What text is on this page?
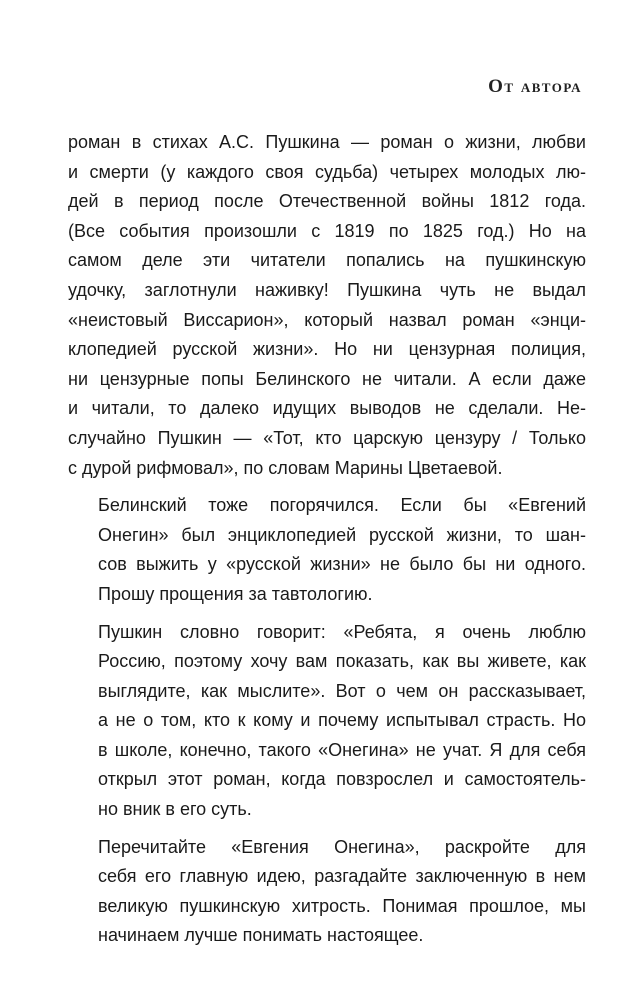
От автора

роман в стихах А.С. Пушкина — роман о жизни, любви
и смерти (у каждого своя судьба) четырех молодых лю-
дей в период после Отечественной войны 1812 года.
(Все события произошли с 1819 по 1825 год.) Но на
самом деле эти читатели попались на пушкинскую
удочку, заглотнули наживку! Пушкина чуть не выдал
«неистовый Виссарион», который назвал роман «энци-
клопедией русской жизни». Но ни цензурная полиция,
ни цензурные попы Белинского не читали. А если даже
и читали, то далеко идущих выводов не сделали. Не-
случайно Пушкин — «Тот, кто царскую цензуру / Только
с дурой рифмовал», по словам Марины Цветаевой.

Белинский тоже погорячился. Если бы «Евгений
Онегин» был энциклопедией русской жизни, то шан-
сов выжить у «русской жизни» не было бы ни одного.
Прошу прощения за тавтологию.

Пушкин словно говорит: «Ребята, я очень люблю
Россию, поэтому хочу вам показать, как вы живете, как
выглядите, как мыслите». Вот о чем он рассказывает,
а не о том, кто к кому и почему испытывал страсть. Но
в школе, конечно, такого «Онегина» не учат. Я для себя
открыл этот роман, когда повзрослел и самостоятель-
но вник в его суть.

Перечитайте «Евгения Онегина», раскройте для
себя его главную идею, разгадайте заключенную в нем
великую пушкинскую хитрость. Понимая прошлое, мы
начинаем лучше понимать настоящее.
